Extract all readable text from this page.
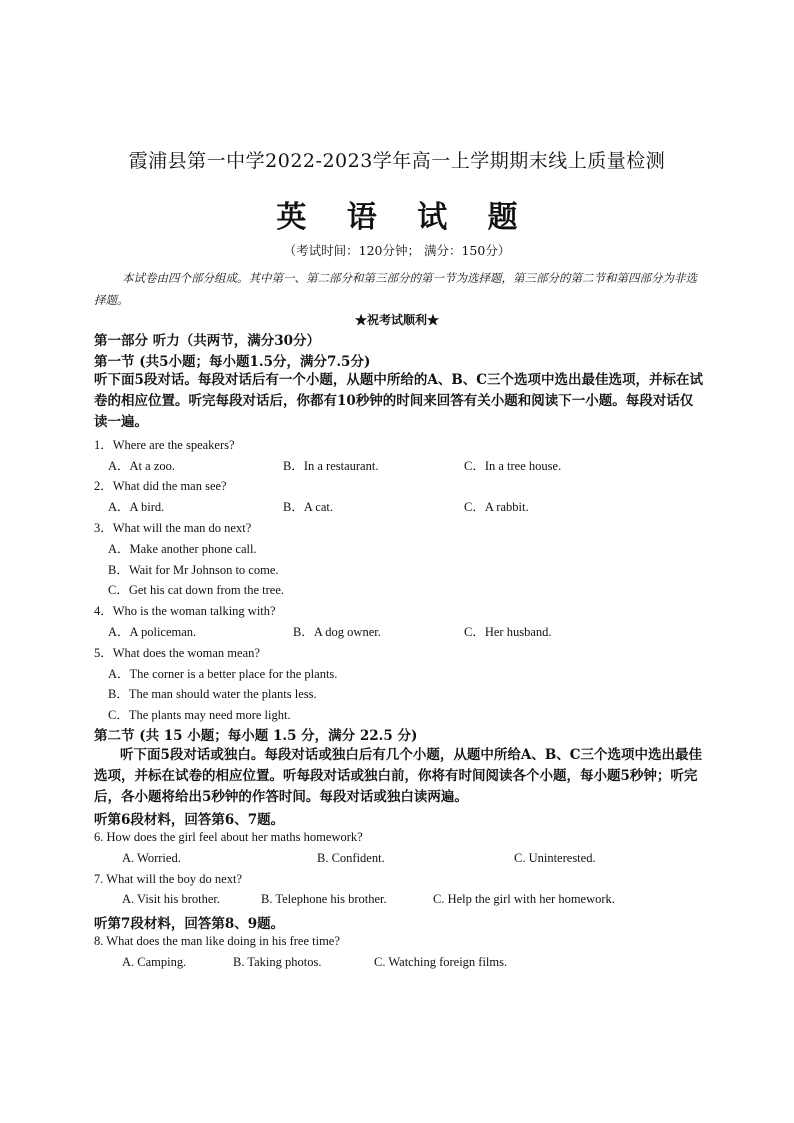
霞浦县第一中学2022-2023学年高一上学期期末线上质量检测
英 语 试 题
（考试时间：120分钟； 满分：150分）
本试卷由四个部分组成。其中第一、第二部分和第三部分的第一节为选择题，第三部分的第二节和第四部分为非选择题。
★祝考试顺利★
第一部分 听力（共两节，满分30分）
第一节 (共5小题；每小题1.5分，满分7.5分)
听下面5段对话。每段对话后有一个小题，从题中所给的A、B、C三个选项中选出最佳选项，并标在试卷的相应位置。听完每段对话后，你都有10秒钟的时间来回答有关小题和阅读下一小题。每段对话仅读一遍。
1．Where are the speakers?
A．At a zoo.	B．In a restaurant.	C．In a tree house.
2．What did the man see?
A．A bird.	B．A cat.	C．A rabbit.
3．What will the man do next?
A．Make another phone call.
B．Wait for Mr Johnson to come.
C．Get his cat down from the tree.
4．Who is the woman talking with?
A．A policeman.	B．A dog owner.	C．Her husband.
5．What does the woman mean?
A．The corner is a better place for the plants.
B．The man should water the plants less.
C．The plants may need more light.
第二节 (共 15 小题；每小题 1.5 分，满分 22.5 分)
听下面5段对话或独白。每段对话或独白后有几个小题，从题中所给A、B、C三个选项中选出最佳选项，并标在试卷的相应位置。听每段对话或独白前，你将有时间阅读各个小题，每小题5秒钟；听完后，各小题将给出5秒钟的作答时间。每段对话或独白读两遍。
听第6段材料，回答第6、7题。
6. How does the girl feel about her maths homework?
A. Worried.	B. Confident.	C. Uninterested.
7. What will the boy do next?
A. Visit his brother.	B. Telephone his brother.	C. Help the girl with her homework.
听第7段材料，回答第8、9题。
8. What does the man like doing in his free time?
A. Camping.	B. Taking photos.	C. Watching foreign films.
